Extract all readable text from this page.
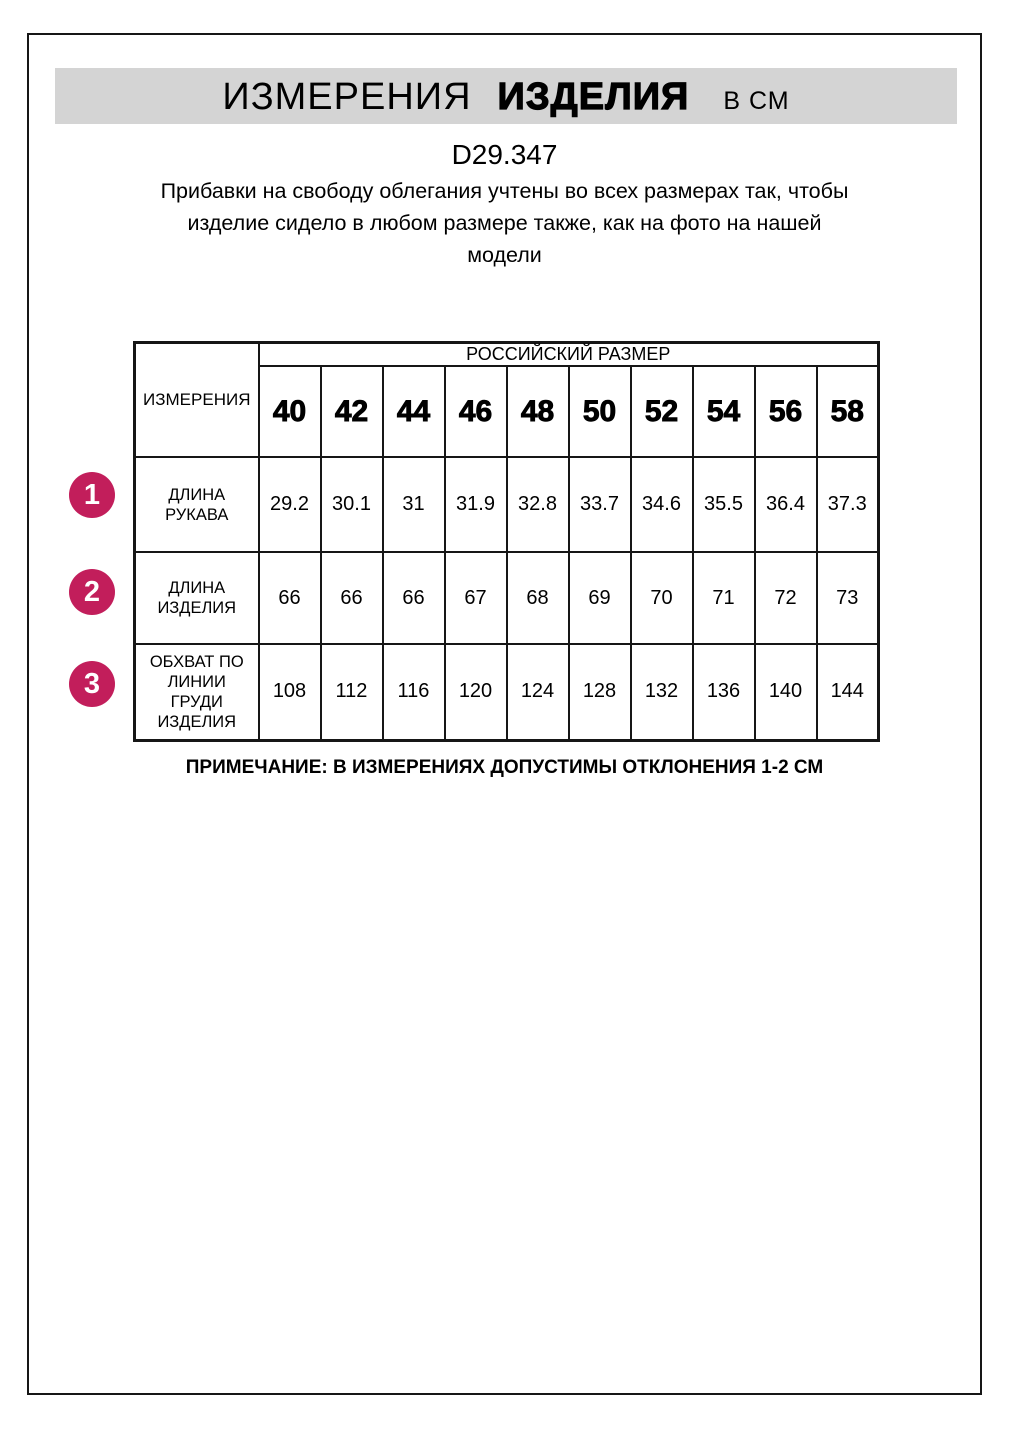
ИЗМЕРЕНИЯ ИЗДЕЛИЯ В СМ
D29.347
Прибавки на свободу облегания учтены во всех размерах так, чтобы
изделие сидело в любом размере также, как на фото на нашей
модели
ИЗМЕРЕНИЯ	РОССИЙСКИЙ РАЗМЕР									
	40	42	44	46	48	50	52	54	56	58

ДЛИНА
РУКАВА	29.2	30.1	31	31.9	32.8	33.7	34.6	35.5	36.4	37.3

ДЛИНА
ИЗДЕЛИЯ	66	66	66	67	68	69	70	71	72	73

ОБХВАТ ПО
ЛИНИИ
ГРУДИ
ИЗДЕЛИЯ	108	112	116	120	124	128	132	136	140	144
1
2
3
ПРИМЕЧАНИЕ: В ИЗМЕРЕНИЯХ ДОПУСТИМЫ ОТКЛОНЕНИЯ 1-2 СМ
